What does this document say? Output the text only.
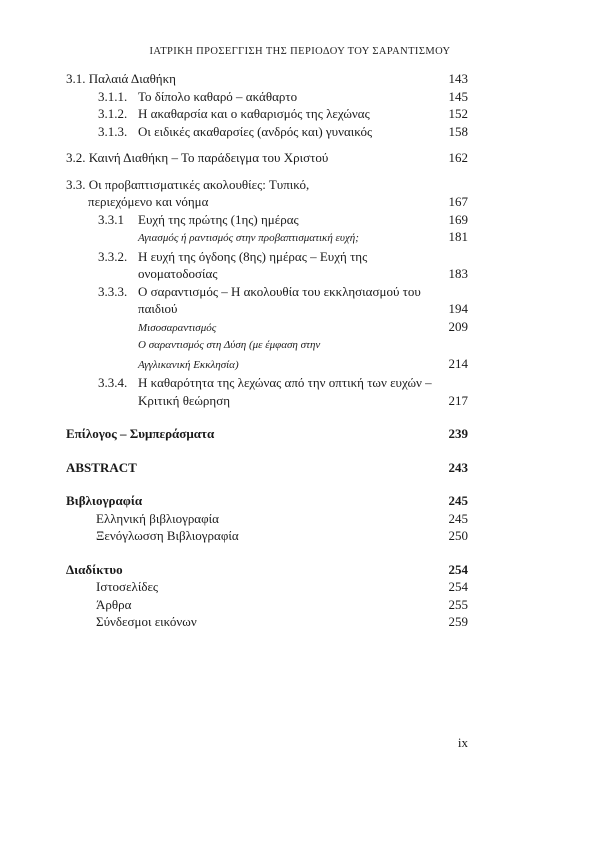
ΙΑΤΡΙΚΗ ΠΡΟΣΕΓΓΙΣΗ ΤΗΣ ΠΕΡΙΟΔΟΥ ΤΟΥ ΣΑΡΑΝΤΙΣΜΟΥ
3.1. Παλαιά Διαθήκη	143
3.1.1. Το δίπολο καθαρό – ακάθαρτο	145
3.1.2. Η ακαθαρσία και ο καθαρισμός της λεχώνας	152
3.1.3. Οι ειδικές ακαθαρσίες (ανδρός και) γυναικός	158
3.2. Καινή Διαθήκη – Το παράδειγμα του Χριστού	162
3.3. Οι προβαπτισματικές ακολουθίες: Τυπικό,
περιεχόμενο και νόημα	167
3.3.1 Ευχή της πρώτης (1ης) ημέρας	169
Αγιασμός ή ραντισμός στην προβαπτισματική ευχή;	181
3.3.2. Η ευχή της όγδοης (8ης) ημέρας – Ευχή της
ονοματοδοσίας	183
3.3.3. Ο σαραντισμός – Η ακολουθία του εκκλησιασμού του
παιδιού	194
Μισοσαραντισμός	209
Ο σαραντισμός στη Δύση (με έμφαση στην
Αγγλικανική Εκκλησία)	214
3.3.4. Η καθαρότητα της λεχώνας από την οπτική των ευχών –
Κριτική θεώρηση	217
Επίλογος – Συμπεράσματα	239
ABSTRACT	243
Βιβλιογραφία	245
Ελληνική βιβλιογραφία	245
Ξενόγλωσση Βιβλιογραφία	250
Διαδίκτυο	254
Ιστοσελίδες	254
Άρθρα	255
Σύνδεσμοι εικόνων	259
ix
